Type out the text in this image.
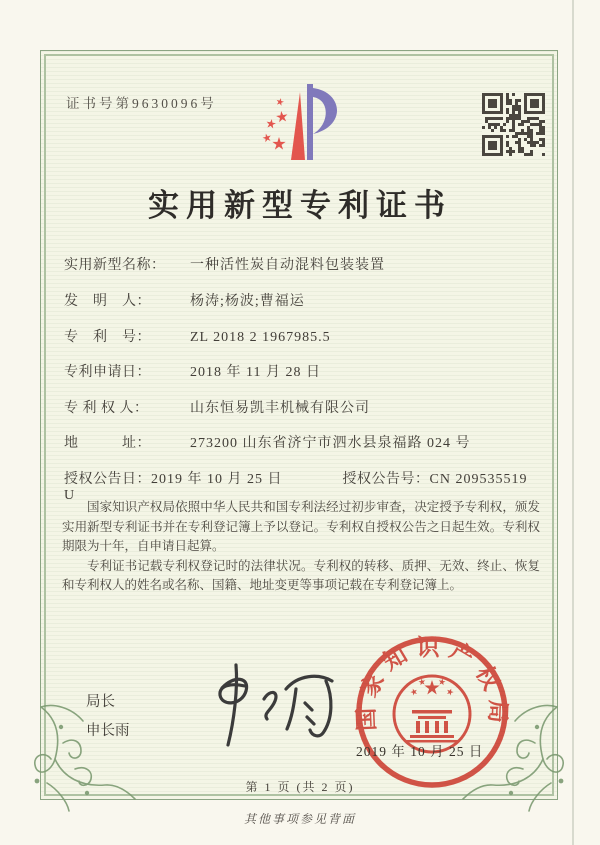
证书号第9630096号
实用新型专利证书
实用新型名称： 一种活性炭自动混料包装装置
发　明　人：	杨涛;杨波;曹福运
专　利　号：	ZL 2018 2 1967985.5
专利申请日：	2018 年 11 月 28 日
专 利 权 人：	山东恒易凯丰机械有限公司
地　　　址：	273200 山东省济宁市泗水县泉福路 024 号
授权公告日：2019 年 10 月 25 日	授权公告号：CN 209535519 U

国家知识产权局依照中华人民共和国专利法经过初步审查，决定授予专利权，颁发实用新型专利证书并在专利登记簿上予以登记。专利权自授权公告之日起生效。专利权期限为十年，自申请日起算。

专利证书记载专利权登记时的法律状况。专利权的转移、质押、无效、终止、恢复和专利权人的姓名或名称、国籍、地址变更等事项记载在专利登记簿上。

局长
申长雨	国家知识产权局
2019 年 10 月 25 日
第 1 页 (共 2 页)
其他事项参见背面
